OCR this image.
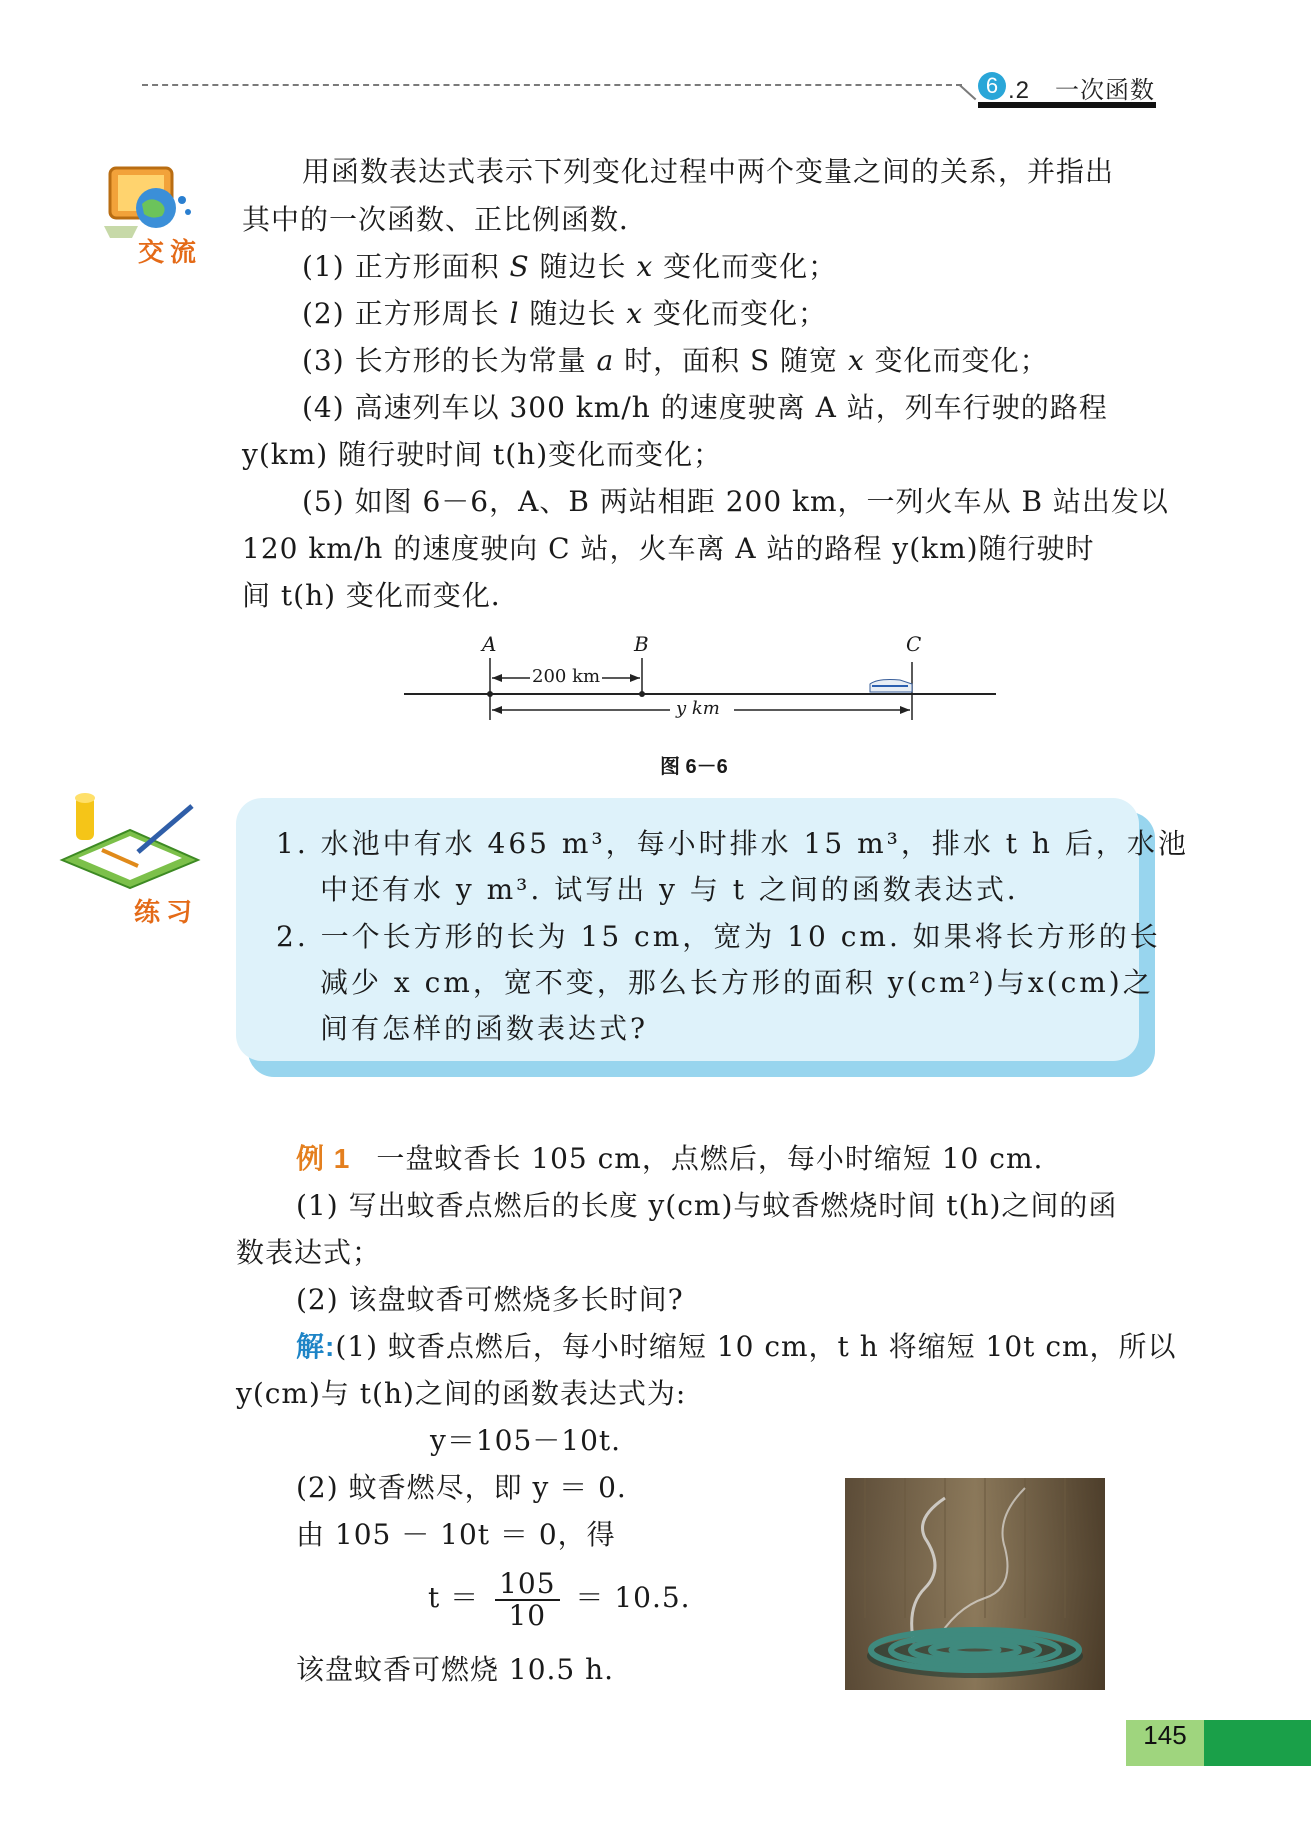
6 .2　一次函数
交流
用函数表达式表示下列变化过程中两个变量之间的关系，并指出
其中的一次函数、正比例函数．
(1) 正方形面积 S 随边长 x 变化而变化；
(2) 正方形周长 l 随边长 x 变化而变化；
(3) 长方形的长为常量 a 时，面积 S 随宽 x 变化而变化；
(4) 高速列车以 300 km/h 的速度驶离 A 站，列车行驶的路程
y(km) 随行驶时间 t(h)变化而变化；
(5) 如图 6－6，A、B 两站相距 200 km，一列火车从 B 站出发以
120 km/h 的速度驶向 C 站，火车离 A 站的路程 y(km)随行驶时
间 t(h) 变化而变化．
A	B	C
200 km
y km
图 6－6
练习
1. 水池中有水 465 m³，每小时排水 15 m³，排水 t h 后，水池
中还有水 y m³. 试写出 y 与 t 之间的函数表达式．
2. 一个长方形的长为 15 cm，宽为 10 cm. 如果将长方形的长
减少 x cm，宽不变，那么长方形的面积 y(cm²)与x(cm)之
间有怎样的函数表达式?
例 1 一盘蚊香长 105 cm，点燃后，每小时缩短 10 cm.
(1) 写出蚊香点燃后的长度 y(cm)与蚊香燃烧时间 t(h)之间的函
数表达式；
(2) 该盘蚊香可燃烧多长时间?
解:(1) 蚊香点燃后，每小时缩短 10 cm，t h 将缩短 10t cm，所以
y(cm)与 t(h)之间的函数表达式为:
y＝105－10t.
(2) 蚊香燃尽，即 y ＝ 0.
由 105 － 10t ＝ 0，得
$t = \frac{105}{10} = 10.5$.
该盘蚊香可燃烧 10.5 h.
145
